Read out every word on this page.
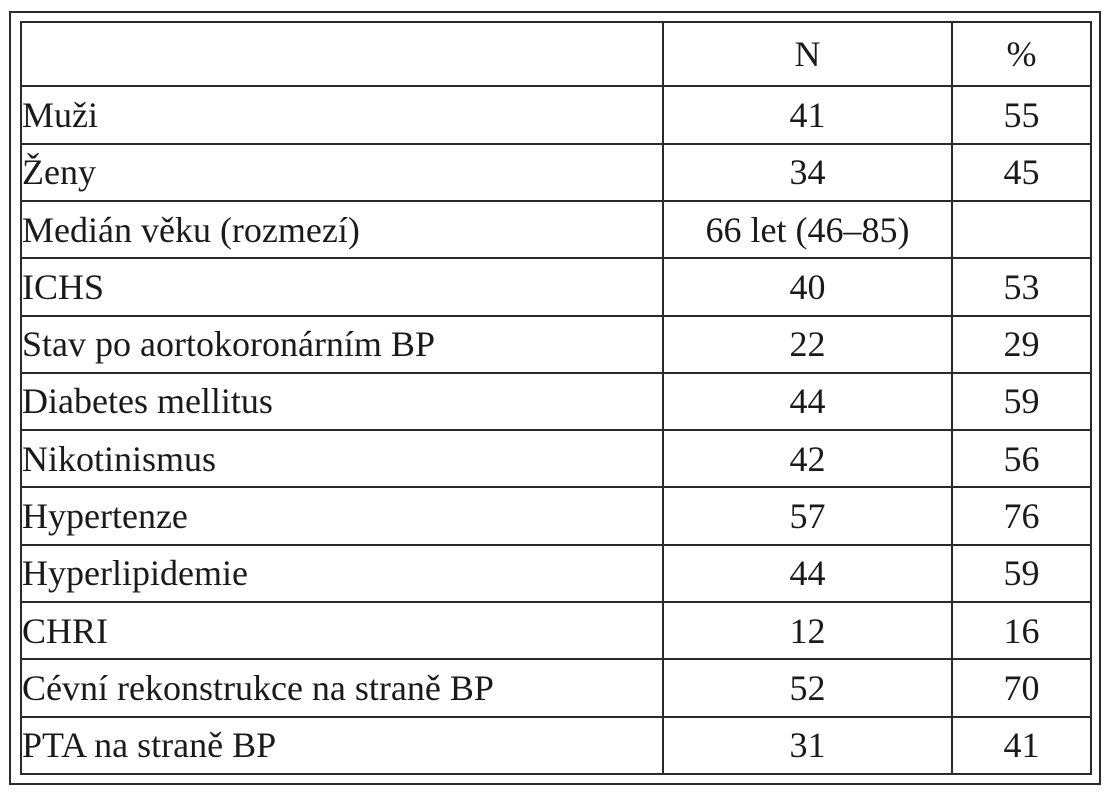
	N	%
Muži	41	55
Ženy	34	45
Medián věku (rozmezí)	66 let (46–85)	
ICHS	40	53
Stav po aortokoronárním BP	22	29
Diabetes mellitus	44	59
Nikotinismus	42	56
Hypertenze	57	76
Hyperlipidemie	44	59
CHRI	12	16
Cévní rekonstrukce na straně BP	52	70
PTA na straně BP	31	41
